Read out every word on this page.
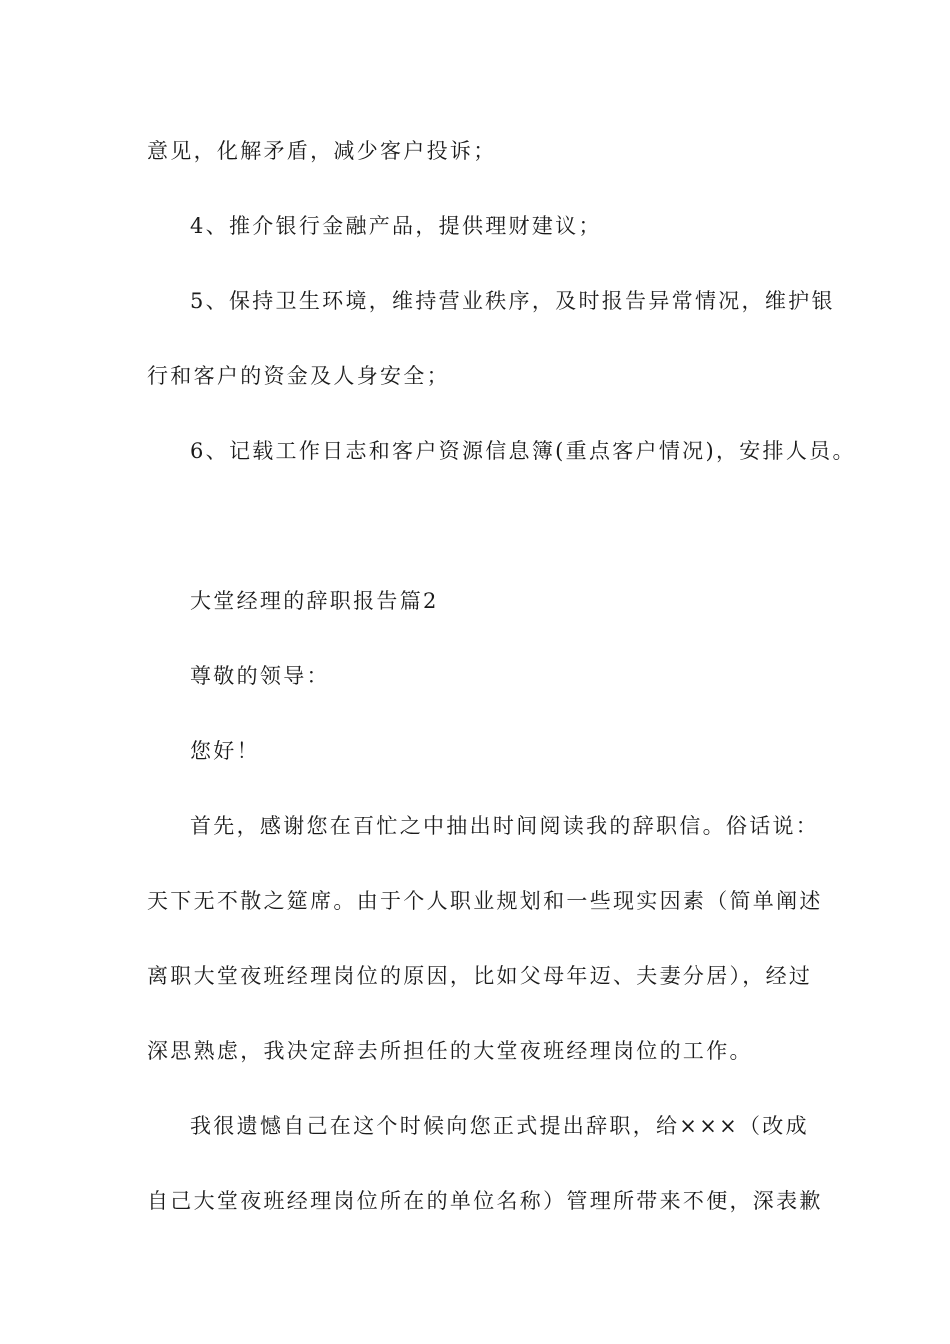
意见，化解矛盾，减少客户投诉；
4、推介银行金融产品，提供理财建议；
5、保持卫生环境，维持营业秩序，及时报告异常情况，维护银
行和客户的资金及人身安全；
6、记载工作日志和客户资源信息簿(重点客户情况)，安排人员。
大堂经理的辞职报告篇2
尊敬的领导：
您好！
首先，感谢您在百忙之中抽出时间阅读我的辞职信。俗话说：
天下无不散之筵席。由于个人职业规划和一些现实因素（简单阐述
离职大堂夜班经理岗位的原因，比如父母年迈、夫妻分居），经过
深思熟虑，我决定辞去所担任的大堂夜班经理岗位的工作。
我很遗憾自己在这个时候向您正式提出辞职，给×××（改成
自己大堂夜班经理岗位所在的单位名称）管理所带来不便，深表歉
